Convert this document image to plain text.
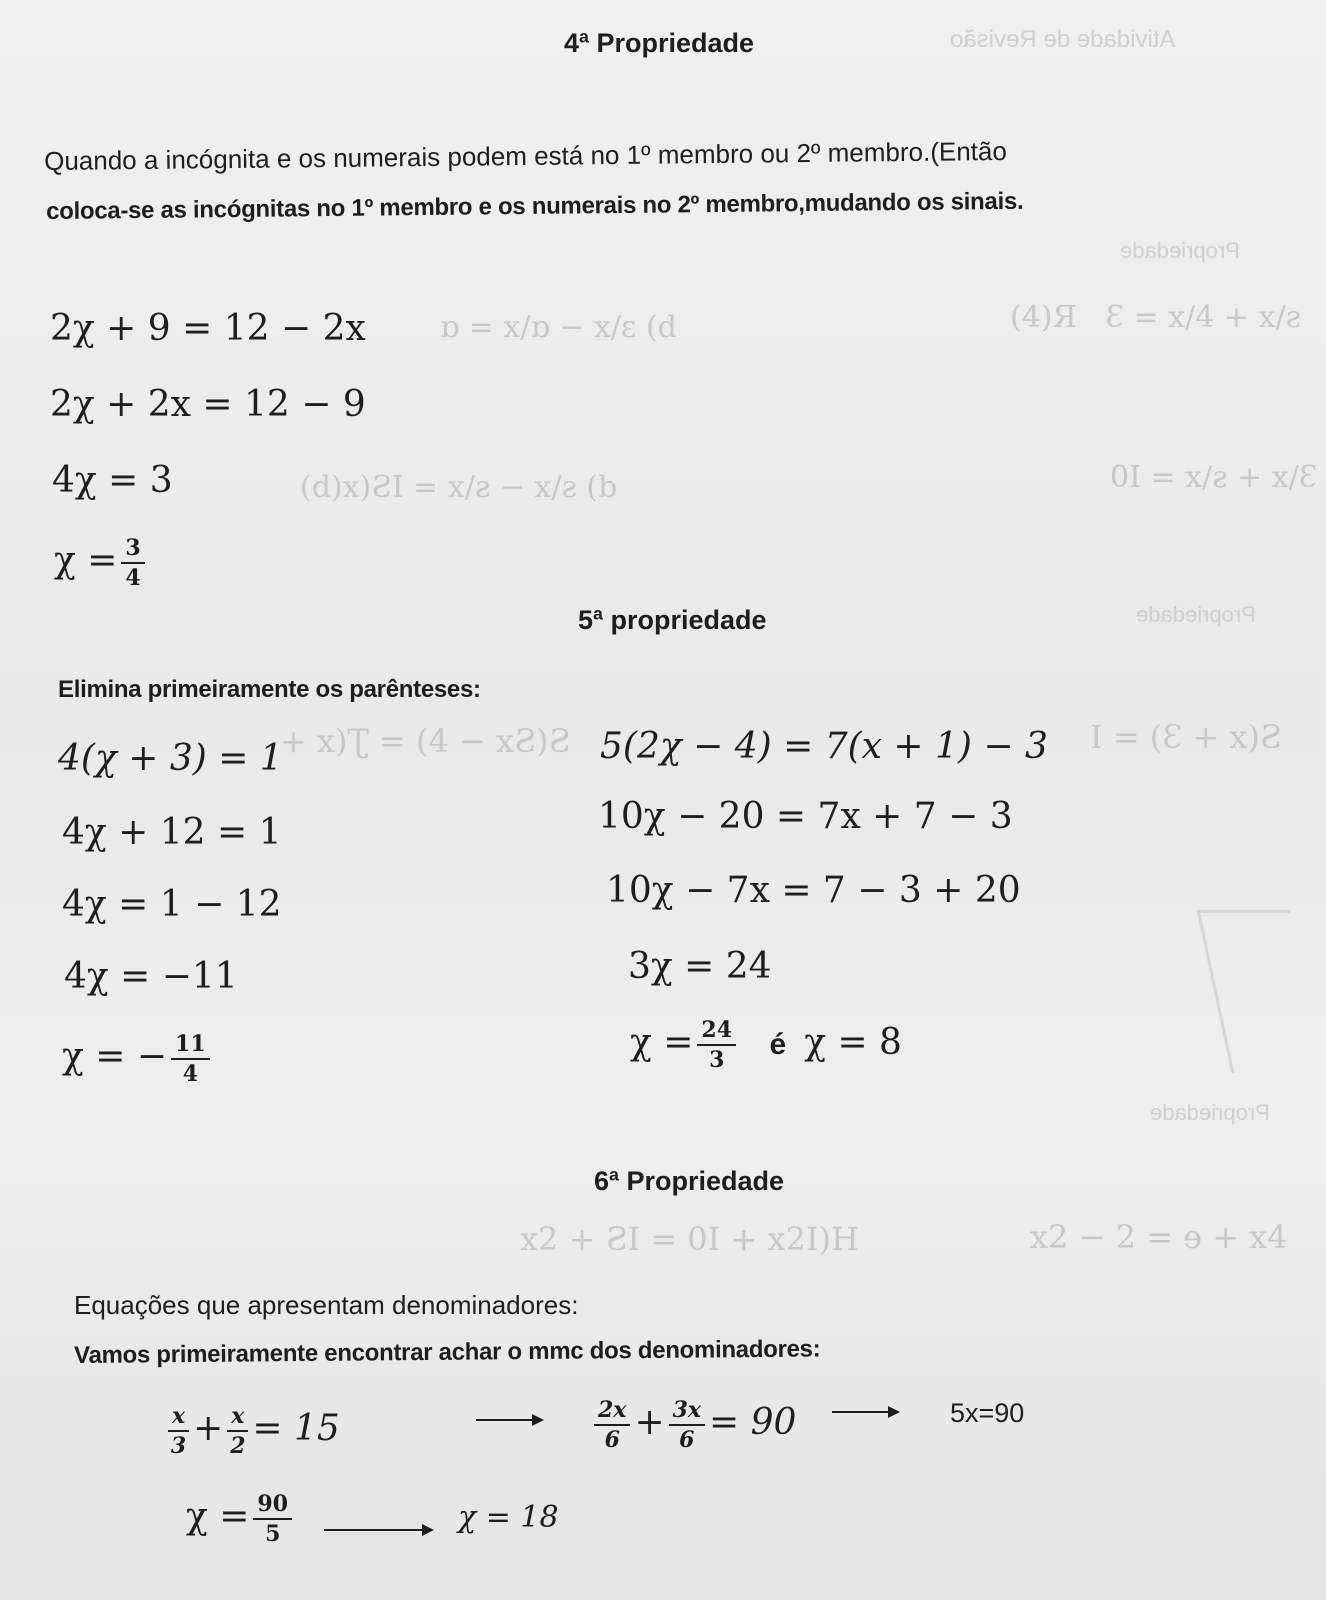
Atividade de Revisão
Propriedade
Propriedade
Propriedade
ɒ = x/ɒ − x/ɛ (d	(4)Я   Ɛ = x/4 + x/ƨ
(d)x)ƧI = x/ƨ − x/ƨ (b	0I = x/ƨ + x/Ɛ
+ x)Ʈ = (4 − xƧ)Ƨ	I = (Ɛ + x)Ƨ
x2 + ƧI = 0I + x2I)H	x2 − 2 = ɘ + x4
4ª Propriedade
Quando a incógnita e os numerais podem está no 1º membro ou 2º membro.(Então
coloca-se as incógnitas no 1º membro e os numerais no 2º membro,mudando os sinais.
2χ + 9 = 12 − 2x
2χ + 2x = 12 − 9
4χ = 3
$\chi = \frac{3}{4}$
5ª propriedade
Elimina primeiramente os parênteses:
4(χ + 3) = 1
4χ + 12 = 1
4χ = 1 − 12
4χ = −11
χ = − $\frac{11}{4}$
5(2χ − 4) = 7(x + 1) − 3
10χ − 20 = 7x + 7 − 3
10χ − 7x = 7 − 3 + 20
3χ = 24
$\chi = \frac{24}{3}$ é χ = 8
6ª Propriedade
Equações que apresentam denominadores:
Vamos primeiramente encontrar achar o mmc dos denominadores:
$\frac{x}{3} + \frac{x}{2} = 15$	$\frac{2x}{6} + \frac{3x}{6} = 90$	5x=90
$\chi = \frac{90}{5}$	χ = 18
